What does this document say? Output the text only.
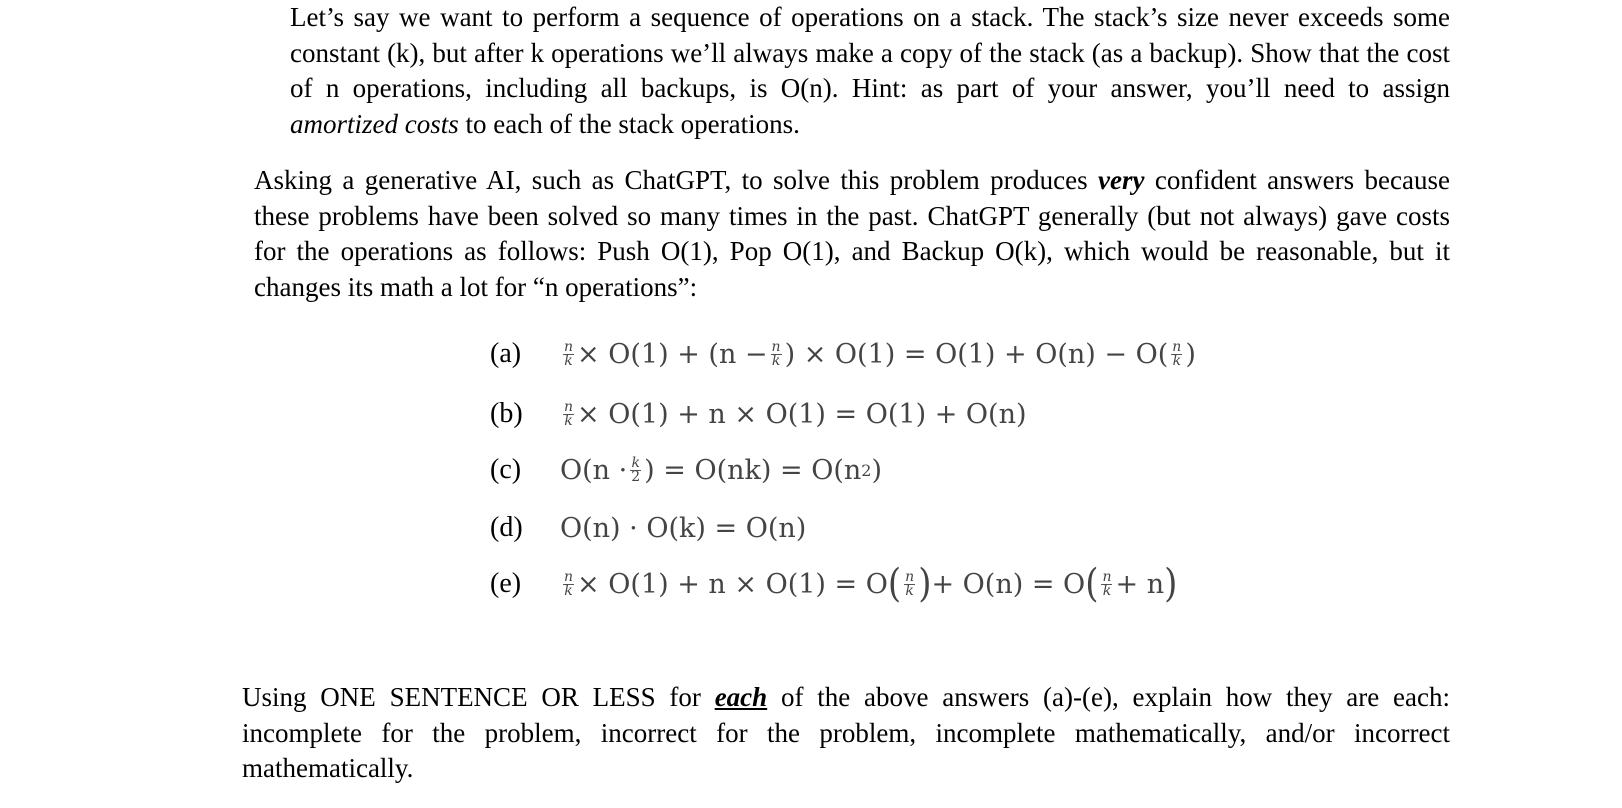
Let’s say we want to perform a sequence of operations on a stack. The stack’s size never exceeds some constant (k), but after k operations we’ll always make a copy of the stack (as a backup). Show that the cost of n operations, including all backups, is O(n). Hint: as part of your answer, you’ll need to assign amortized costs to each of the stack operations.

Asking a generative AI, such as ChatGPT, to solve this problem produces very confident answers because these problems have been solved so many times in the past. ChatGPT generally (but not always) gave costs for the operations as follows: Push O(1), Pop O(1), and Backup O(k), which would be reasonable, but it changes its math a lot for “n operations”:

(a)	$\frac{n}{k} \times O(1) + (n - \frac{n}{k}$ ) × $O(1) = O(1) + O(n) - O( \frac{n}{k}$ )
(b)	$\frac{n}{k} \times O(1) + n \times O(1) = O(1) + O(n)$
(c)	$O(n \cdot \frac{k}{2}$ ) = O(nk) = O(n 2 )
(d)	O(n) · O(k) = O(n)
(e)	$\frac{n}{k} \times O(1) + n \times O(1) = O$ ( $\frac{n}{k}$ ) + O(n) = O ( $\frac{n}{k} + n$ )

Using ONE SENTENCE OR LESS for each of the above answers (a)-(e), explain how they are each: incomplete for the problem, incorrect for the problem, incomplete mathematically, and/or incorrect mathematically.
